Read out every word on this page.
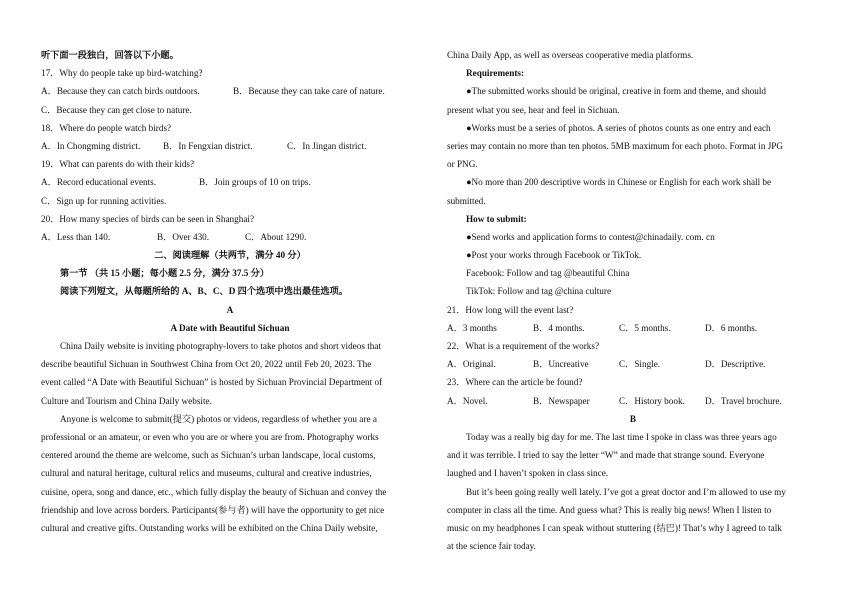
听下面一段独白，回答以下小题。
17．Why do people take up bird-watching?
A．Because they can catch birds outdoors.	B．Because they can take care of nature.
C．Because they can get close to nature.
18．Where do people watch birds?
A．In Chongming district.	B．In Fengxian district.	C．In Jingan district.
19．What can parents do with their kids?
A．Record educational events.	B．Join groups of 10 on trips.
C．Sign up for running activities.
20．How many species of birds can be seen in Shanghai?
A．Less than 140.	B．Over 430.	C．About 1290.
二、阅读理解（共两节，满分 40 分）
第一节 （共 15 小题；每小题 2.5 分，满分 37.5 分）
阅读下列短文，从每题所给的 A、B、C、D 四个选项中选出最佳选项。
A
A Date with Beautiful Sichuan
China Daily website is inviting photography-lovers to take photos and short videos that
describe beautiful Sichuan in Southwest China from Oct 20, 2022 until Feb 20, 2023. The
event called “A Date with Beautiful Sichuan” is hosted by Sichuan Provincial Department of
Culture and Tourism and China Daily website.
Anyone is welcome to submit(提交) photos or videos, regardless of whether you are a
professional or an amateur, or even who you are or where you are from. Photography works
centered around the theme are welcome, such as Sichuan’s urban landscape, local customs,
cultural and natural heritage, cultural relics and museums, cultural and creative industries,
cuisine, opera, song and dance, etc., which fully display the beauty of Sichuan and convey the
friendship and love across borders. Participants(参与者) will have the opportunity to get nice
cultural and creative gifts. Outstanding works will be exhibited on the China Daily website,
China Daily App, as well as overseas cooperative media platforms.
Requirements:
●The submitted works should be original, creative in form and theme, and should
present what you see, hear and feel in Sichuan.
●Works must be a series of photos. A series of photos counts as one entry and each
series may contain no more than ten photos. 5MB maximum for each photo. Format in JPG
or PNG.
●No more than 200 descriptive words in Chinese or English for each work shall be
submitted.
How to submit:
●Send works and application forms to contest@chinadaily. com. cn
●Post your works through Facebook or TikTok.
Facebook: Follow and tag @beautiful China
TikTok: Follow and tag @china culture
21．How long will the event last?
A．3 months	B．4 months.	C．5 months.	D．6 months.
22．What is a requirement of the works?
A．Original.	B．Uncreative	C．Single.	D．Descriptive.
23．Where can the article be found?
A．Novel.	B．Newspaper	C．History book.	D．Travel brochure.
B
Today was a really big day for me. The last time I spoke in class was three years ago
and it was terrible. I tried to say the letter “W” and made that strange sound. Everyone
laughed and I haven’t spoken in class since.
But it’s been going really well lately. I’ve got a great doctor and I’m allowed to use my
computer in class all the time. And guess what? This is really big news! When I listen to
music on my headphones I can speak without stuttering (结巴)! That’s why I agreed to talk
at the science fair today.
